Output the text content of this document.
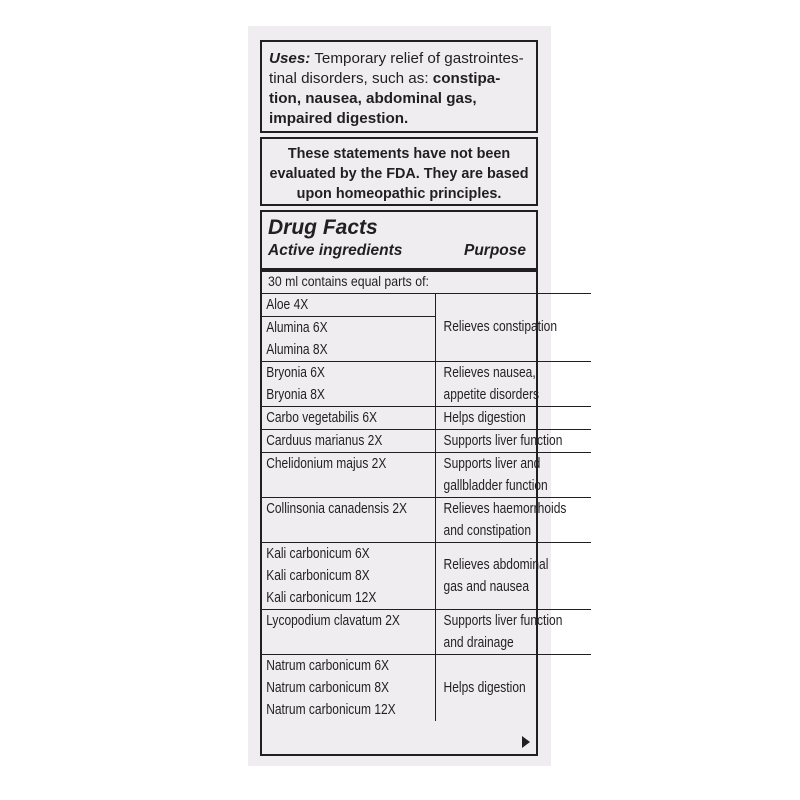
Uses: Temporary relief of gastrointes-
tinal disorders, such as: constipa-
tion, nausea, abdominal gas,
impaired digestion.

These statements have not been
evaluated by the FDA. They are based
upon homeopathic principles.

Drug Facts
Active ingredients	Purpose
30 ml contains equal parts of:
Aloe 4X
Alumina 6X
Alumina 8X	Relieves constipation

Bryonia 6X
Bryonia 8X	Relieves nausea,
appetite disorders

Carbo vegetabilis 6X	Helps digestion

Carduus marianus 2X	Supports liver function

Chelidonium majus 2X	Supports liver and
gallbladder function

Collinsonia canadensis 2X	Relieves haemorrhoids
and constipation

Kali carbonicum 6X
Kali carbonicum 8X
Kali carbonicum 12X	Relieves abdominal
gas and nausea

Lycopodium clavatum 2X	Supports liver function
and drainage

Natrum carbonicum 6X
Natrum carbonicum 8X
Natrum carbonicum 12X	Helps digestion
